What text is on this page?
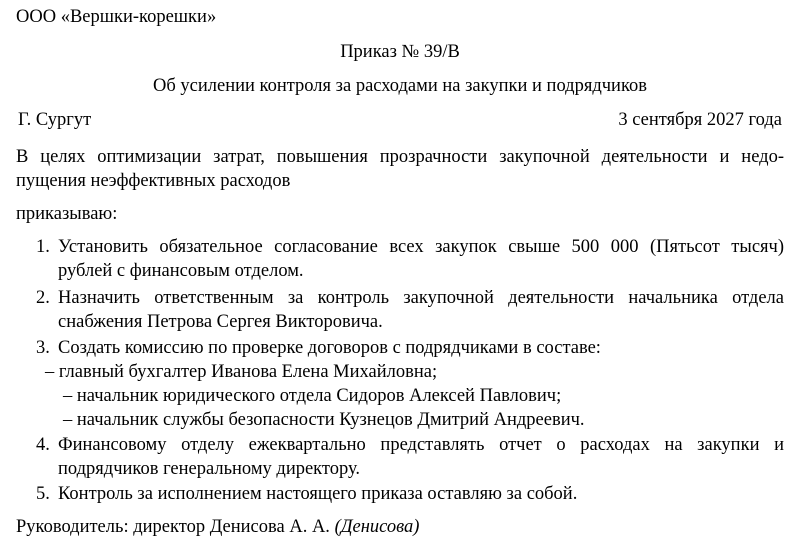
ООО «Вершки-корешки»
Приказ № 39/В
Об усилении контроля за расходами на закупки и подрядчиков
Г. Сургут	3 сентября 2027 года
В целях оптимизации затрат, повышения прозрачности закупочной деятельности и недо-
пущения неэффективных расходов
приказываю:
1. Установить обязательное согласование всех закупок свыше 500 000 (Пятьсот тысяч)
рублей с финансовым отделом.
2. Назначить ответственным за контроль закупочной деятельности начальника отдела
снабжения Петрова Сергея Викторовича.
3. Создать комиссию по проверке договоров с подрядчиками в составе:
– главный бухгалтер Иванова Елена Михайловна;
– начальник юридического отдела Сидоров Алексей Павлович;
– начальник службы безопасности Кузнецов Дмитрий Андреевич.
4. Финансовому отделу ежеквартально представлять отчет о расходах на закупки и
подрядчиков генеральному директору.
5. Контроль за исполнением настоящего приказа оставляю за собой.
Руководитель: директор Денисова А. А. (Денисова)
